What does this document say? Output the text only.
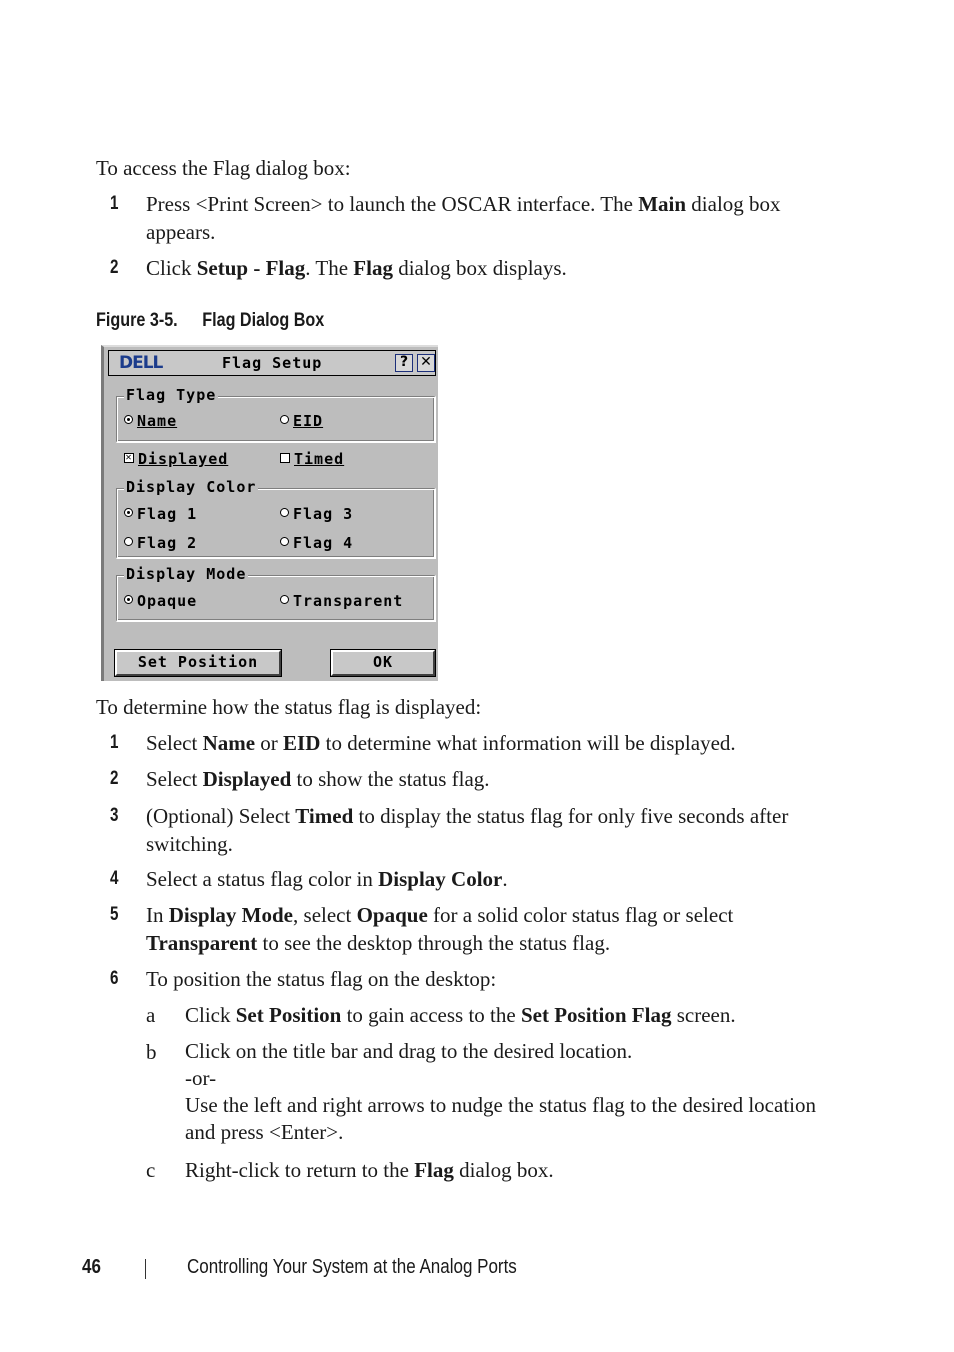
To access the Flag dialog box:
1	Press <Print Screen> to launch the OSCAR interface. The Main dialog box appears.
2	Click Setup - Flag. The Flag dialog box displays.
Figure 3-5. Flag Dialog Box
DELL	Flag Setup	? ✕
Flag Type
Name	EID
✕ Displayed	Timed
Display Color
Flag 1	Flag 3
Flag 2	Flag 4
Display Mode
Opaque	Transparent
Set Position	OK
To determine how the status flag is displayed:
1	Select Name or EID to determine what information will be displayed.
2	Select Displayed to show the status flag.
3	(Optional) Select Timed to display the status flag for only five seconds after switching.
4	Select a status flag color in Display Color.
5	In Display Mode, select Opaque for a solid color status flag or select Transparent to see the desktop through the status flag.
6	To position the status flag on the desktop:
a Click Set Position to gain access to the Set Position Flag screen.
b Click on the title bar and drag to the desired location.
-or-
Use the left and right arrows to nudge the status flag to the desired location and press <Enter>.
c Right-click to return to the Flag dialog box.
46	Controlling Your System at the Analog Ports
